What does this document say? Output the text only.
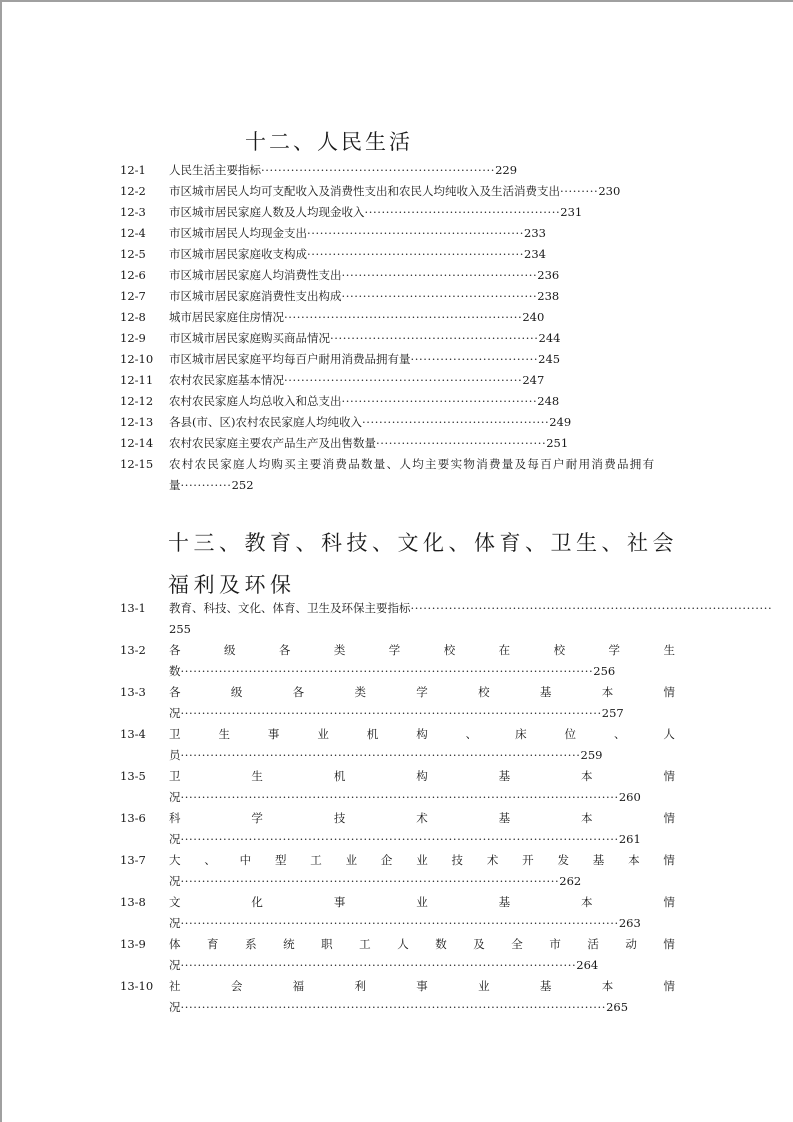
十二、人民生活
12-1	人民生活主要指标·······················································229
12-2	市区城市居民人均可支配收入及消费性支出和农民人均纯收入及生活消费支出·········230
12-3	市区城市居民家庭人数及人均现金收入··············································231
12-4	市区城市居民人均现金支出···················································233
12-5	市区城市居民家庭收支构成···················································234
12-6	市区城市居民家庭人均消费性支出··············································236
12-7	市区城市居民家庭消费性支出构成··············································238
12-8	城市居民家庭住房情况························································240
12-9	市区城市居民家庭购买商品情况·················································244
12-10	市区城市居民家庭平均每百户耐用消费品拥有量······························245
12-11	农村农民家庭基本情况························································247
12-12	农村农民家庭人均总收入和总支出··············································248
12-13	各县(市、区)农村农民家庭人均纯收入············································249
12-14	农村农民家庭主要农产品生产及出售数量········································251
12-15	农村农民家庭人均购买主要消费品数量、人均主要实物消费量及每百户耐用消费品拥有
量············252
十三、教育、科技、文化、体育、卫生、社会福利及环保
13-1	教育、科技、文化、体育、卫生及环保主要指标·····················································································
255
13-2	各	级	各	类	学	校	在	校	学	生
数·································································································256
13-3	各	级	各	类	学	校	基	本	情
况···································································································257
13-4	卫	生	事	业	机	构	、	床	位	、	人
员······························································································259
13-5	卫	生	机	构	基	本	情
况·······································································································260
13-6	科	学	技	术	基	本	情
况·······································································································261
13-7	大 、 中 型 工 业 企 业 技 术 开 发 基 本 情
况·························································································262
13-8	文	化	事	业	基	本	情
况·······································································································263
13-9	体 育 系 统 职 工 人 数 及 全 市 活 动 情
况·····························································································264
13-10	社	会	福	利	事	业	基	本	情
况····································································································265
